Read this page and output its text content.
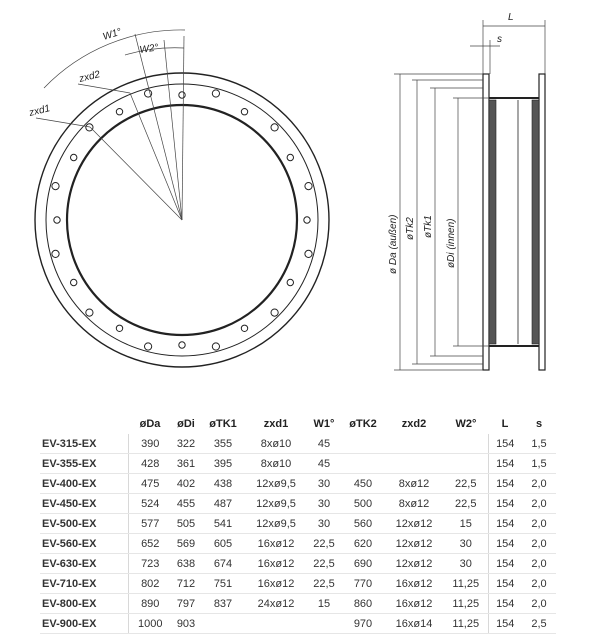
W1°
W2°
zxd1
zxd2
L
s
ø Da (außen) øTk2 øTk1 øDi (innen)
	øDa	øDi	øTK1	zxd1	W1°	øTK2	zxd2	W2°	L	s
EV-315-EX	390	322	355	8xø10	45				154	1,5
EV-355-EX	428	361	395	8xø10	45				154	1,5
EV-400-EX	475	402	438	12xø9,5	30	450	8xø12	22,5	154	2,0
EV-450-EX	524	455	487	12xø9,5	30	500	8xø12	22,5	154	2,0
EV-500-EX	577	505	541	12xø9,5	30	560	12xø12	15	154	2,0
EV-560-EX	652	569	605	16xø12	22,5	620	12xø12	30	154	2,0
EV-630-EX	723	638	674	16xø12	22,5	690	12xø12	30	154	2,0
EV-710-EX	802	712	751	16xø12	22,5	770	16xø12	11,25	154	2,0
EV-800-EX	890	797	837	24xø12	15	860	16xø12	11,25	154	2,0
EV-900-EX	1000	903				970	16xø14	11,25	154	2,5
